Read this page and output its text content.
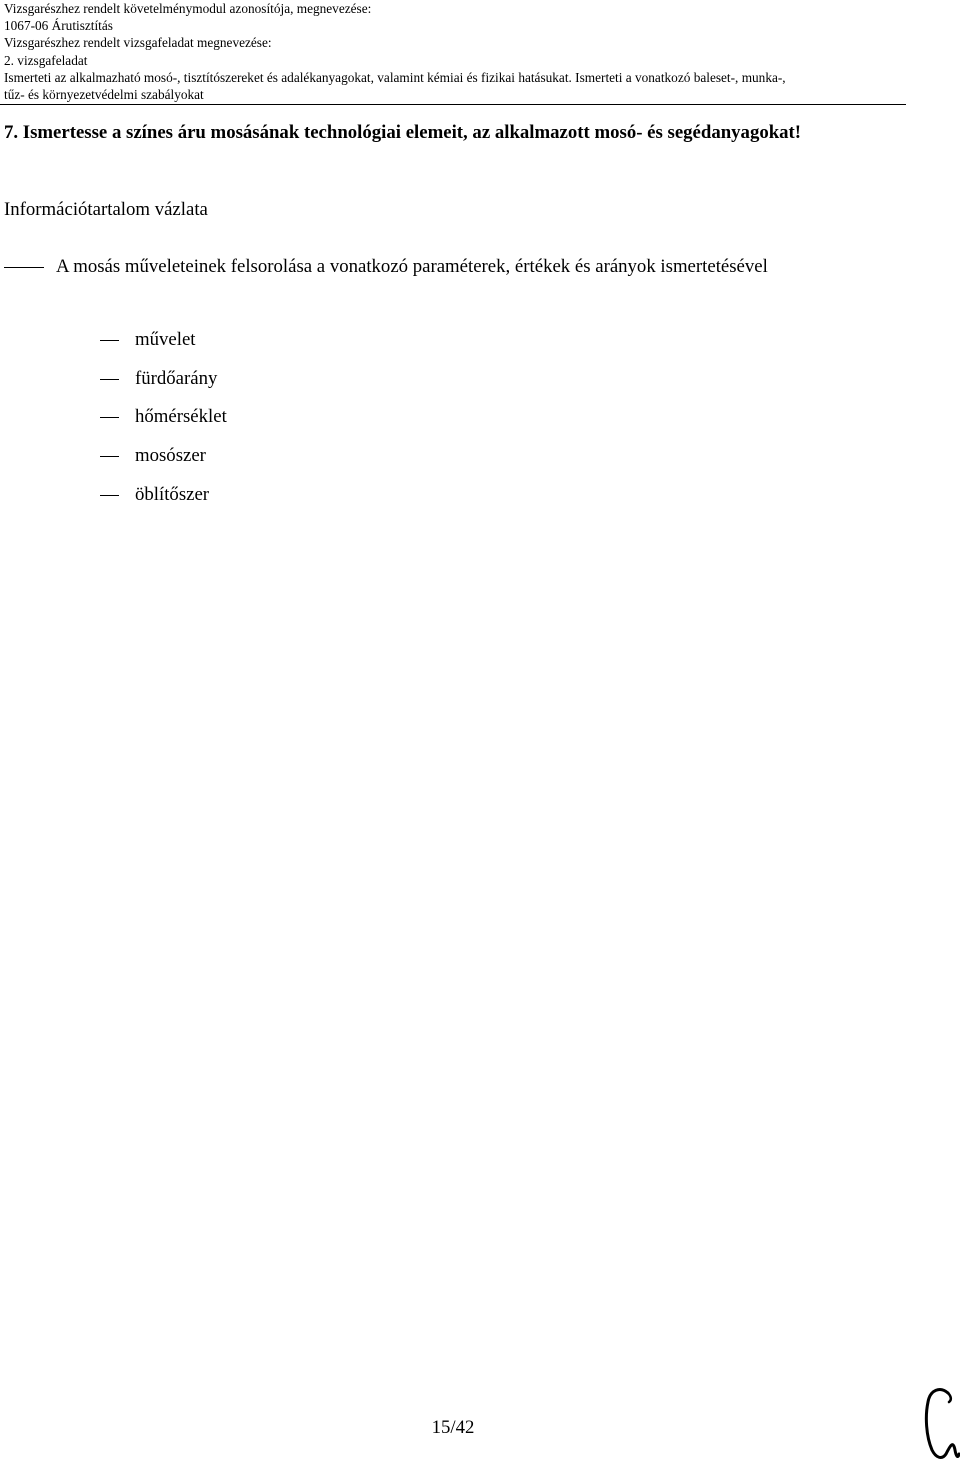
Vizsgarészhez rendelt követelménymodul azonosítója, megnevezése:
1067-06 Árutisztítás
Vizsgarészhez rendelt vizsgafeladat megnevezése:
2. vizsgafeladat
Ismerteti az alkalmazható mosó-, tisztítószereket és adalékanyagokat, valamint kémiai és fizikai hatásukat. Ismerteti a vonatkozó baleset-, munka-,
tűz- és környezetvédelmi szabályokat
7. Ismertesse a színes áru mosásának technológiai elemeit, az alkalmazott mosó- és segédanyagokat!
Információtartalom vázlata
A mosás műveleteinek felsorolása a vonatkozó paraméterek, értékek és arányok ismertetésével
művelet
fürdőarány
hőmérséklet
mosószer
öblítőszer
15/42
